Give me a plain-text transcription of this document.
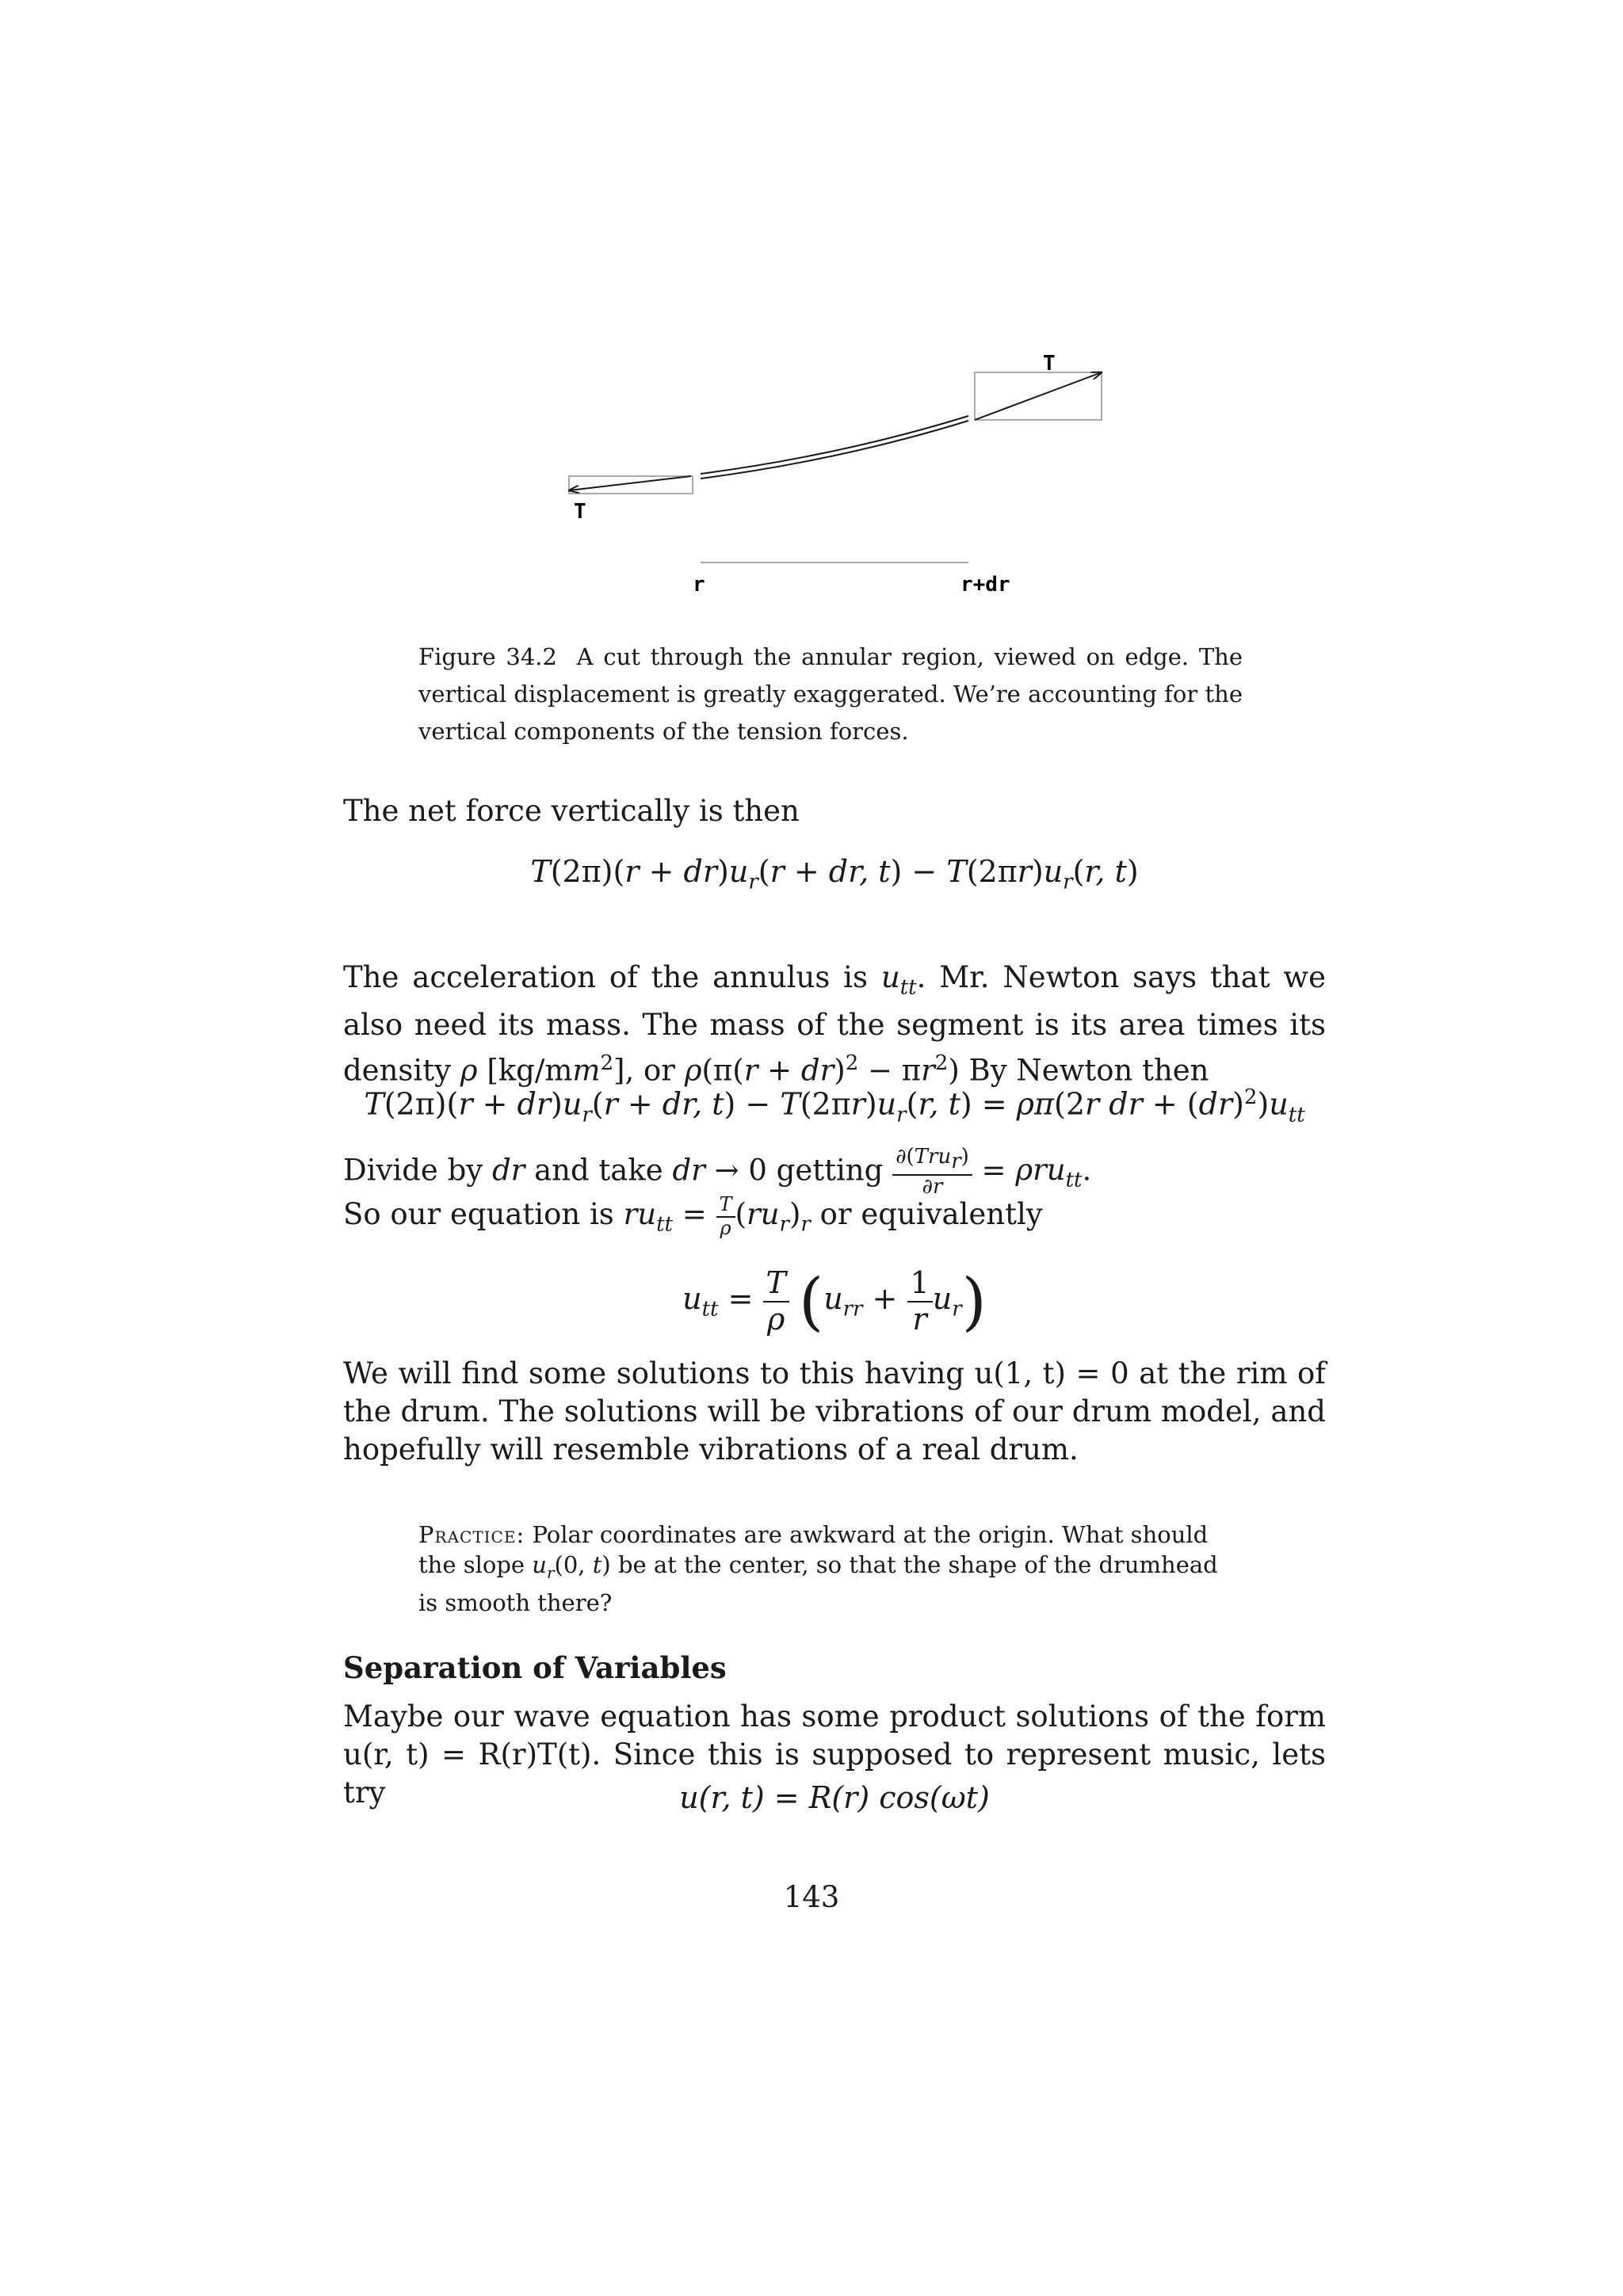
T
T
r	r+dr
Figure 34.2 A cut through the annular region, viewed on edge. The vertical displacement is greatly exaggerated. We’re accounting for the vertical components of the tension forces.
The net force vertically is then
$T(2\pi)(r + dr)u_r(r$ + dr, $t) - T(2\pi r)u_r(r$, t)
The acceleration of the annulus is $u_{tt}$. Mr. Newton says that we also need its mass. The mass of the segment is its area times its density ρ $[kg/mm^2]$, or $\rho(\pi(r + dr)^2 - \pi r^2)$ By Newton then
$T(2\pi)(r + dr)u_r(r$ + dr, $t) - T(2\pi r)u_r(r$, t) = ρπ(2r dr + $(dr)^2)u_{tt}$
Divide by dr and take dr → 0 getting $\frac{\partial(Tru_r)}{\partial r} = \rho ru_{tt}$.
So our equation is $ru_{tt} = \frac{T}{\rho} (ru_r)_r$ or equivalently
$u_{tt} = \frac{T}{\rho} (u_{rr} + \frac{1}{r} u_r)$
We will find some solutions to this having u(1, t) = 0 at the rim of the drum. The solutions will be vibrations of our drum model, and hopefully will resemble vibrations of a real drum.
Practice: Polar coordinates are awkward at the origin. What should the slope $u_r(0$, t) be at the center, so that the shape of the drumhead is smooth there?
Separation of Variables
Maybe our wave equation has some product solutions of the form u(r, t) = R(r)T(t). Since this is supposed to represent music, lets try	u(r, t) = R(r) cos(ωt)
143
